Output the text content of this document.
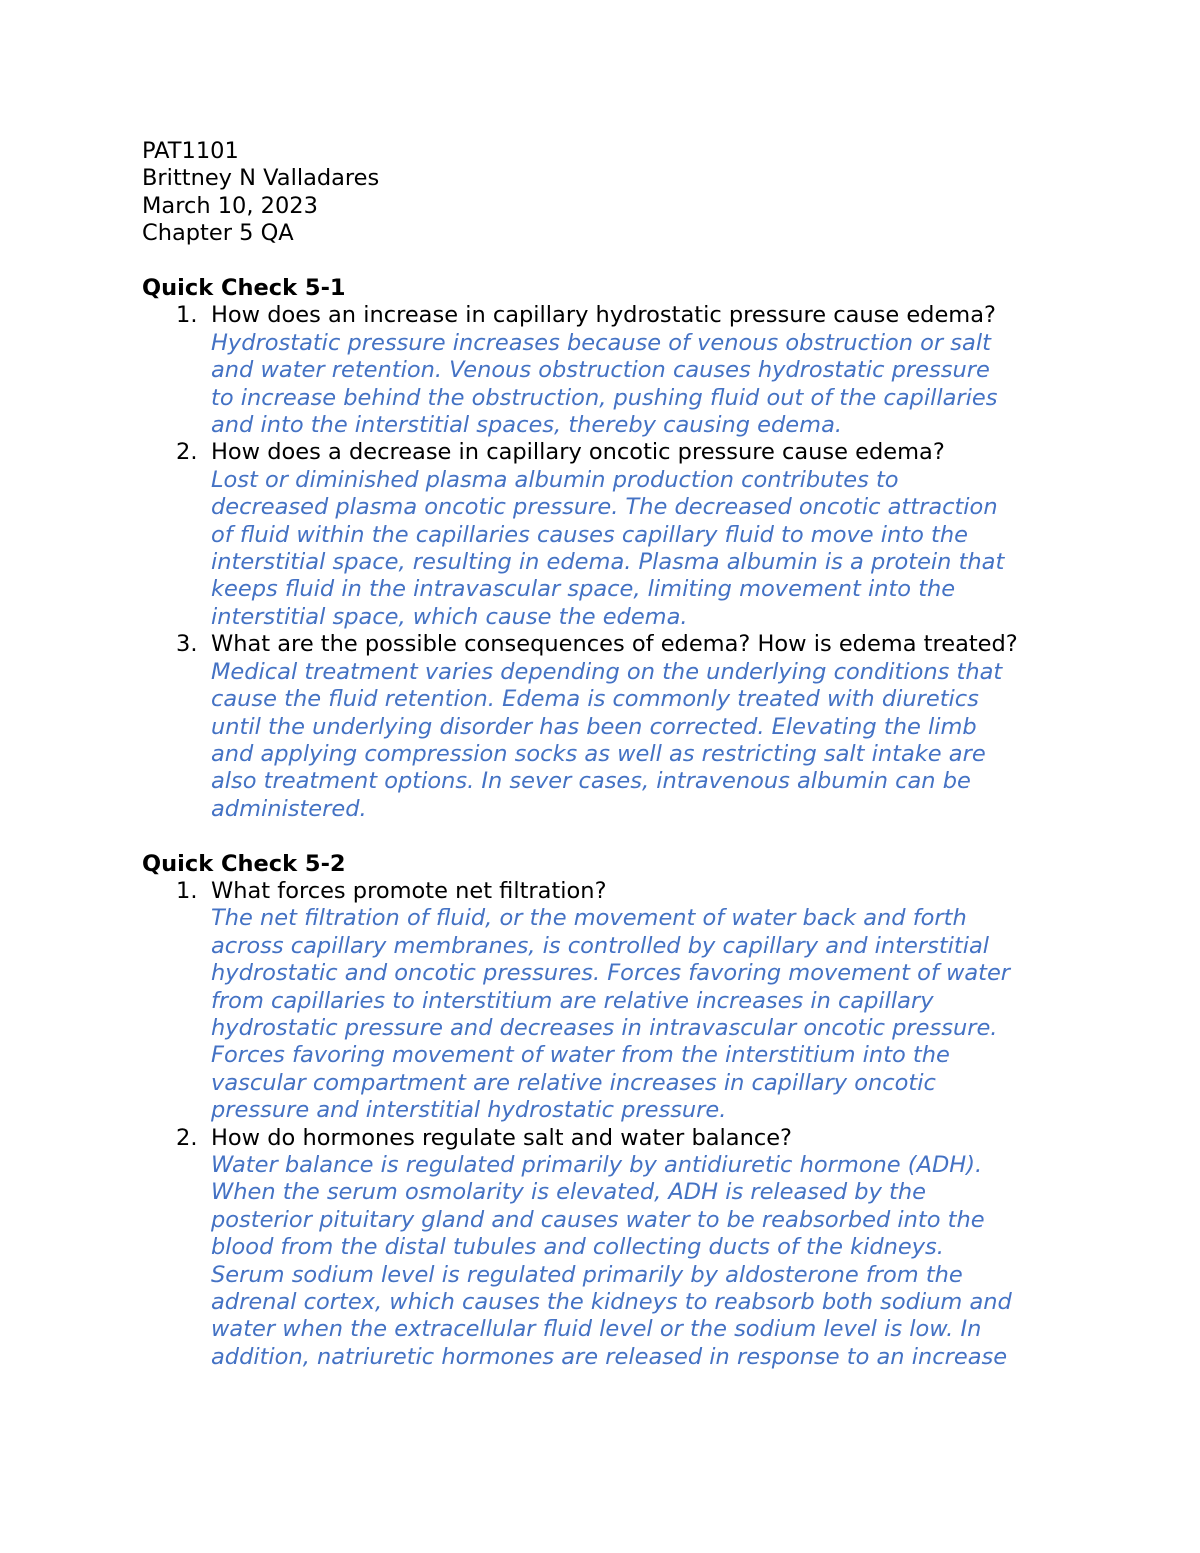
PAT1101
Brittney N Valladares
March 10, 2023
Chapter 5 QA
Quick Check 5-1
1. How does an increase in capillary hydrostatic pressure cause edema?
Hydrostatic pressure increases because of venous obstruction or salt
and water retention. Venous obstruction causes hydrostatic pressure
to increase behind the obstruction, pushing fluid out of the capillaries
and into the interstitial spaces, thereby causing edema.
2. How does a decrease in capillary oncotic pressure cause edema?
Lost or diminished plasma albumin production contributes to
decreased plasma oncotic pressure. The decreased oncotic attraction
of fluid within the capillaries causes capillary fluid to move into the
interstitial space, resulting in edema. Plasma albumin is a protein that
keeps fluid in the intravascular space, limiting movement into the
interstitial space, which cause the edema.
3. What are the possible consequences of edema? How is edema treated?
Medical treatment varies depending on the underlying conditions that
cause the fluid retention. Edema is commonly treated with diuretics
until the underlying disorder has been corrected. Elevating the limb
and applying compression socks as well as restricting salt intake are
also treatment options. In sever cases, intravenous albumin can be
administered.
Quick Check 5-2
1. What forces promote net filtration?
The net filtration of fluid, or the movement of water back and forth
across capillary membranes, is controlled by capillary and interstitial
hydrostatic and oncotic pressures. Forces favoring movement of water
from capillaries to interstitium are relative increases in capillary
hydrostatic pressure and decreases in intravascular oncotic pressure.
Forces favoring movement of water from the interstitium into the
vascular compartment are relative increases in capillary oncotic
pressure and interstitial hydrostatic pressure.
2. How do hormones regulate salt and water balance?
Water balance is regulated primarily by antidiuretic hormone (ADH).
When the serum osmolarity is elevated, ADH is released by the
posterior pituitary gland and causes water to be reabsorbed into the
blood from the distal tubules and collecting ducts of the kidneys.
Serum sodium level is regulated primarily by aldosterone from the
adrenal cortex, which causes the kidneys to reabsorb both sodium and
water when the extracellular fluid level or the sodium level is low. In
addition, natriuretic hormones are released in response to an increase
